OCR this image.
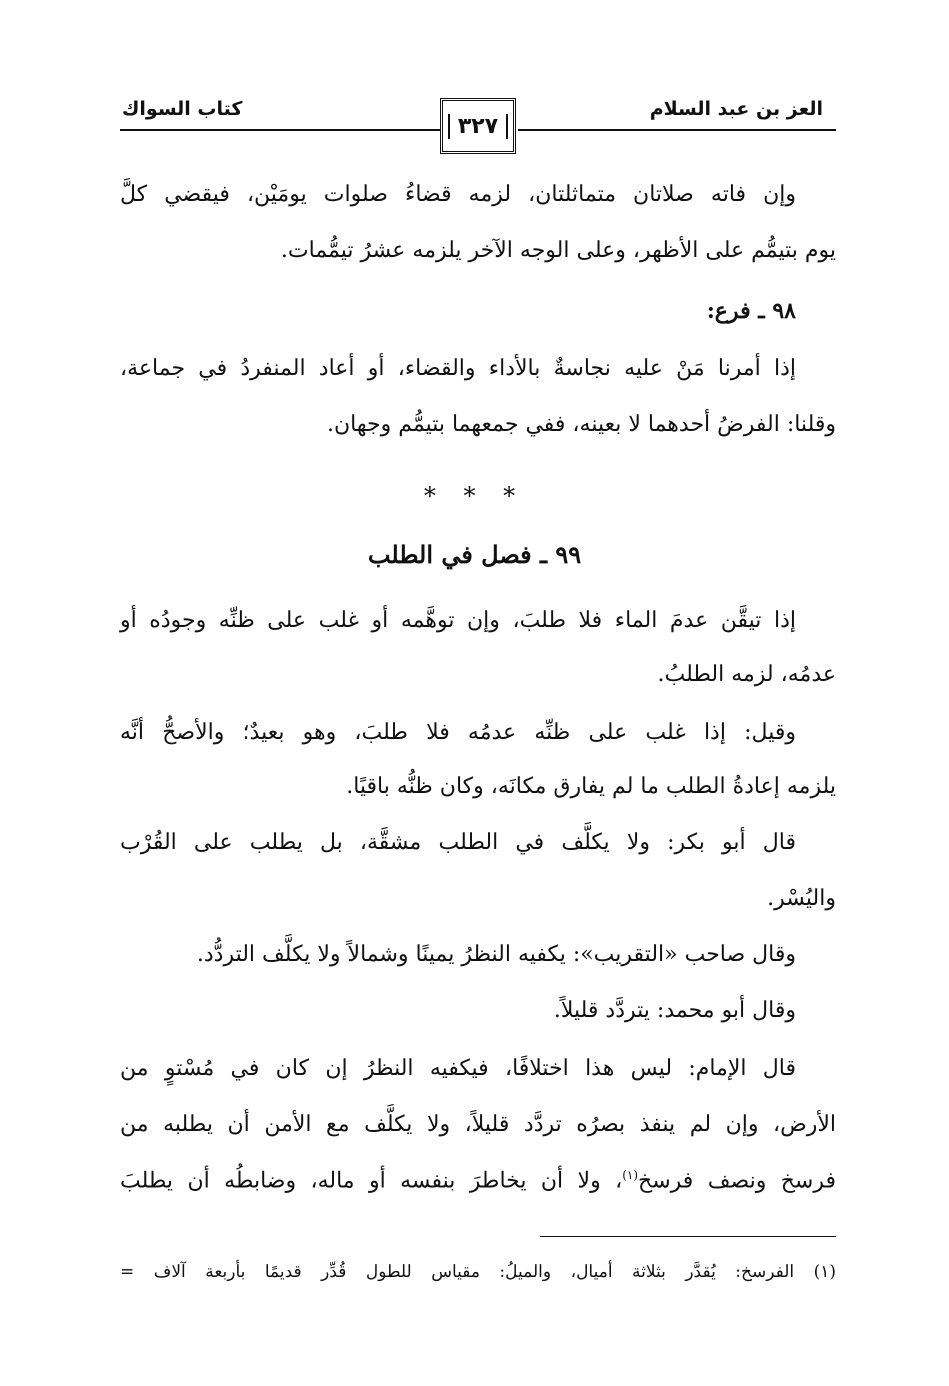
العز بن عبد السلام
كتاب السواك
٣٢٧
وإن فاته صلاتان متماثلتان، لزمه قضاءُ صلوات يومَيْن، فيقضي كلَّ
يوم بتيمُّم على الأظهر، وعلى الوجه الآخر يلزمه عشرُ تيمُّمات.
٩٨ ـ فرع:
إذا أمرنا مَنْ عليه نجاسةٌ بالأداء والقضاء، أو أعاد المنفردُ في جماعة،
وقلنا: الفرضُ أحدهما لا بعينه، ففي جمعهما بتيمُّم وجهان.
* * *
٩٩ ـ فصل في الطلب
إذا تيقَّن عدمَ الماء فلا طلبَ، وإن توهَّمه أو غلب على ظنِّه وجودُه أو
عدمُه، لزمه الطلبُ.
وقيل: إذا غلب على ظنِّه عدمُه فلا طلبَ، وهو بعيدٌ؛ والأصحُّ أنَّه
يلزمه إعادةُ الطلب ما لم يفارق مكانَه، وكان ظنُّه باقيًا.
قال أبو بكر: ولا يكلَّف في الطلب مشقَّة، بل يطلب على القُرْب
واليُسْر.
وقال صاحب «التقريب»: يكفيه النظرُ يمينًا وشمالاً ولا يكلَّف التردُّد.
وقال أبو محمد: يتردَّد قليلاً.
قال الإمام: ليس هذا اختلافًا، فيكفيه النظرُ إن كان في مُسْتوٍ من
الأرض، وإن لم ينفذ بصرُه تردَّد قليلاً، ولا يكلَّف مع الأمن أن يطلبه من
فرسخ ونصف فرسخ$^{(١)}$، ولا أن يخاطرَ بنفسه أو ماله، وضابطُه أن يطلبَ
(١) الفرسخ: يُقدَّر بثلاثة أميال، والميلُ: مقياس للطول قُدِّر قديمًا بأربعة آلاف =
